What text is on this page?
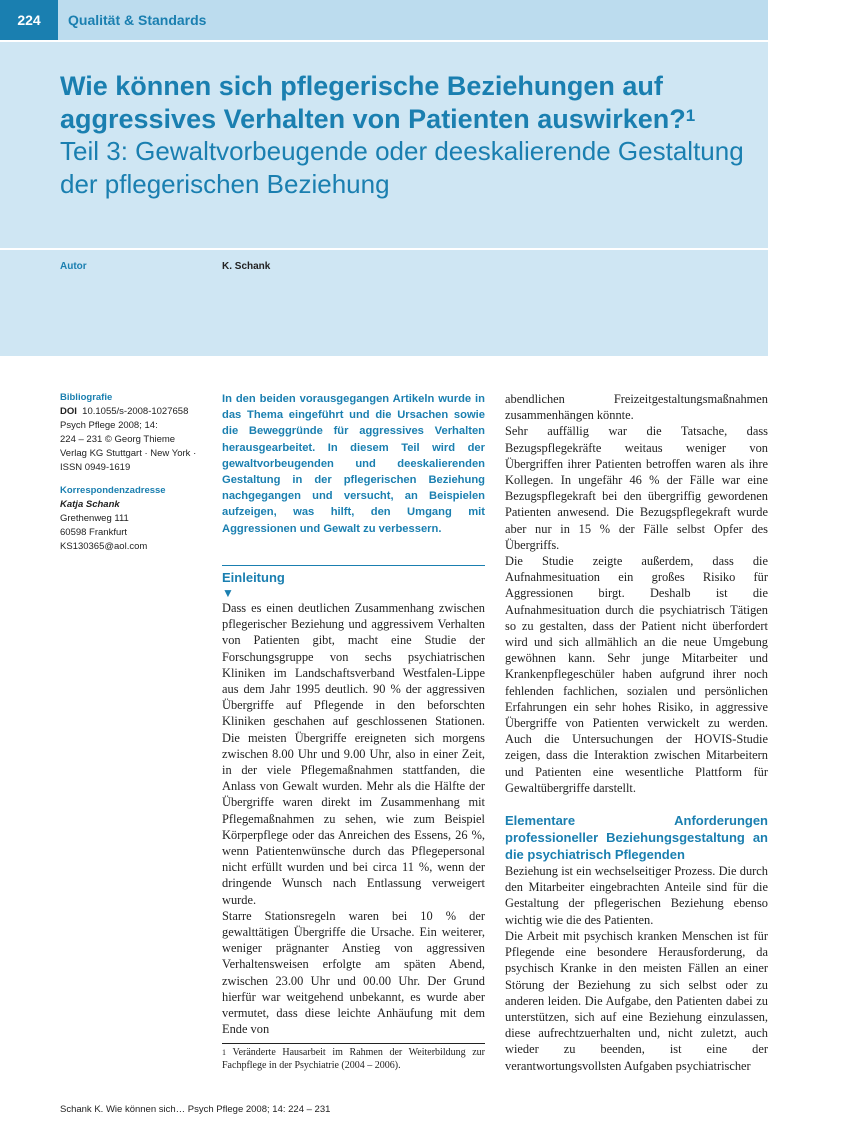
224	Qualität & Standards
Wie können sich pflegerische Beziehungen auf aggressives Verhalten von Patienten auswirken?$^1$
Teil 3: Gewaltvorbeugende oder deeskalierende Gestaltung der pflegerischen Beziehung
Autor	K. Schank
Bibliografie
DOI 10.1055/s-2008-1027658
Psych Pflege 2008; 14:
224 – 231 © Georg Thieme
Verlag KG Stuttgart · New York ·
ISSN 0949-1619
Korrespondenzadresse
Katja Schank
Grethenweg 111
60598 Frankfurt
KS130365@aol.com
In den beiden vorausgegangen Artikeln wurde in das Thema eingeführt und die Ursachen sowie die Beweggründe für aggressives Verhalten herausgearbeitet. In diesem Teil wird der gewaltvorbeugenden und deeskalierenden Gestaltung in der pflegerischen Beziehung nachgegangen und versucht, an Beispielen aufzeigen, was hilft, den Umgang mit Aggressionen und Gewalt zu verbessern.
Einleitung
▼

Dass es einen deutlichen Zusammenhang zwischen pflegerischer Beziehung und aggressivem Verhalten von Patienten gibt, macht eine Studie der Forschungsgruppe von sechs psychiatrischen Kliniken im Landschaftsverband Westfalen-Lippe aus dem Jahr 1995 deutlich. 90 % der aggressiven Übergriffe auf Pflegende in den beforschten Kliniken geschahen auf geschlossenen Stationen. Die meisten Übergriffe ereigneten sich morgens zwischen 8.00 Uhr und 9.00 Uhr, also in einer Zeit, in der viele Pflegemaßnahmen stattfanden, die Anlass von Gewalt wurden. Mehr als die Hälfte der Übergriffe waren direkt im Zusammenhang mit Pflegemaßnahmen zu sehen, wie zum Beispiel Körperpflege oder das Anreichen des Essens, 26 %, wenn Patientenwünsche durch das Pflegepersonal nicht erfüllt wurden und bei circa 11 %, wenn der dringende Wunsch nach Entlassung verweigert wurde.

Starre Stationsregeln waren bei 10 % der gewalttätigen Übergriffe die Ursache. Ein weiterer, weniger prägnanter Anstieg von aggressiven Verhaltensweisen erfolgte am späten Abend, zwischen 23.00 Uhr und 00.00 Uhr. Der Grund hierfür war weitgehend unbekannt, es wurde aber vermutet, dass diese leichte Anhäufung mit dem Ende von

$^1$ Veränderte Hausarbeit im Rahmen der Weiterbildung zur Fachpflege in der Psychiatrie (2004 – 2006).

abendlichen Freizeitgestaltungsmaßnahmen zusammenhängen könnte.

Sehr auffällig war die Tatsache, dass Bezugspflegekräfte weitaus weniger von Übergriffen ihrer Patienten betroffen waren als ihre Kollegen. In ungefähr 46 % der Fälle war eine Bezugspflegekraft bei den übergriffig gewordenen Patienten anwesend. Die Bezugspflegekraft wurde aber nur in 15 % der Fälle selbst Opfer des Übergriffs.

Die Studie zeigte außerdem, dass die Aufnahmesituation ein großes Risiko für Aggressionen birgt. Deshalb ist die Aufnahmesituation durch die psychiatrisch Tätigen so zu gestalten, dass der Patient nicht überfordert wird und sich allmählich an die neue Umgebung gewöhnen kann. Sehr junge Mitarbeiter und Krankenpflegeschüler haben aufgrund ihrer noch fehlenden fachlichen, sozialen und persönlichen Erfahrungen ein sehr hohes Risiko, in aggressive Übergriffe von Patienten verwickelt zu werden. Auch die Untersuchungen der HOVIS-Studie zeigen, dass die Interaktion zwischen Mitarbeitern und Patienten eine wesentliche Plattform für Gewaltübergriffe darstellt.

Elementare Anforderungen professioneller Beziehungsgestaltung an die psychiatrisch Pflegenden

Beziehung ist ein wechselseitiger Prozess. Die durch den Mitarbeiter eingebrachten Anteile sind für die Gestaltung der pflegerischen Beziehung ebenso wichtig wie die des Patienten.

Die Arbeit mit psychisch kranken Menschen ist für Pflegende eine besondere Herausforderung, da psychisch Kranke in den meisten Fällen an einer Störung der Beziehung zu sich selbst oder zu anderen leiden. Die Aufgabe, den Patienten dabei zu unterstützen, sich auf eine Beziehung einzulassen, diese aufrechtzuerhalten und, nicht zuletzt, auch wieder zu beenden, ist eine der verantwortungsvollsten Aufgaben psychiatrischer

Schank K. Wie können sich… Psych Pflege 2008; 14: 224 – 231
